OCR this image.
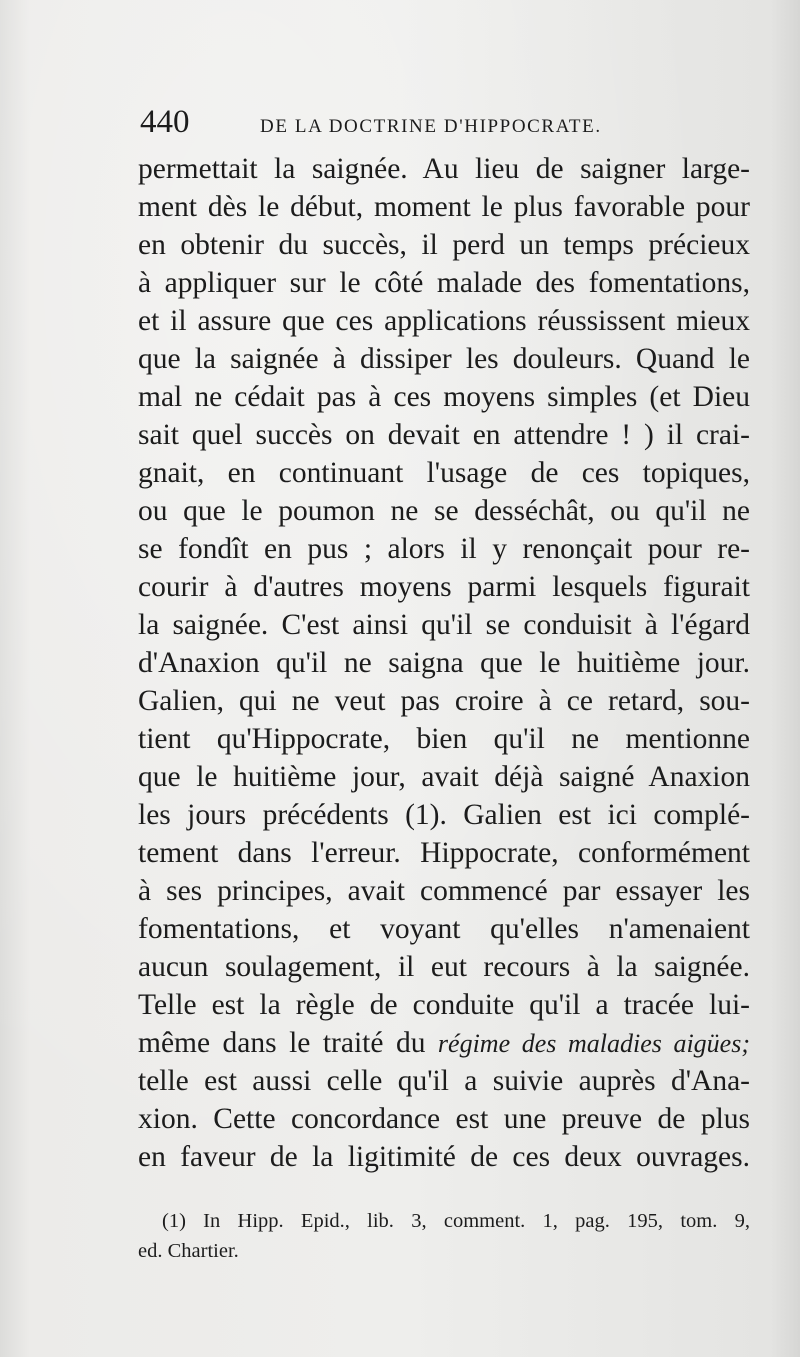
440	DE LA DOCTRINE D'HIPPOCRATE.
permettait la saignée. Au lieu de saigner large-
ment dès le début, moment le plus favorable pour
en obtenir du succès, il perd un temps précieux
à appliquer sur le côté malade des fomentations,
et il assure que ces applications réussissent mieux
que la saignée à dissiper les douleurs. Quand le
mal ne cédait pas à ces moyens simples (et Dieu
sait quel succès on devait en attendre ! ) il crai-
gnait, en continuant l'usage de ces topiques,
ou que le poumon ne se desséchât, ou qu'il ne
se fondît en pus ; alors il y renonçait pour re-
courir à d'autres moyens parmi lesquels figurait
la saignée. C'est ainsi qu'il se conduisit à l'égard
d'Anaxion qu'il ne saigna que le huitième jour.
Galien, qui ne veut pas croire à ce retard, sou-
tient qu'Hippocrate, bien qu'il ne mentionne
que le huitième jour, avait déjà saigné Anaxion
les jours précédents (1). Galien est ici complé-
tement dans l'erreur. Hippocrate, conformément
à ses principes, avait commencé par essayer les
fomentations, et voyant qu'elles n'amenaient
aucun soulagement, il eut recours à la saignée.
Telle est la règle de conduite qu'il a tracée lui-
même dans le traité du régime des maladies aigües;
telle est aussi celle qu'il a suivie auprès d'Ana-
xion. Cette concordance est une preuve de plus
en faveur de la ligitimité de ces deux ouvrages.
(1) In Hipp. Epid., lib. 3, comment. 1, pag. 195, tom. 9,
ed. Chartier.
